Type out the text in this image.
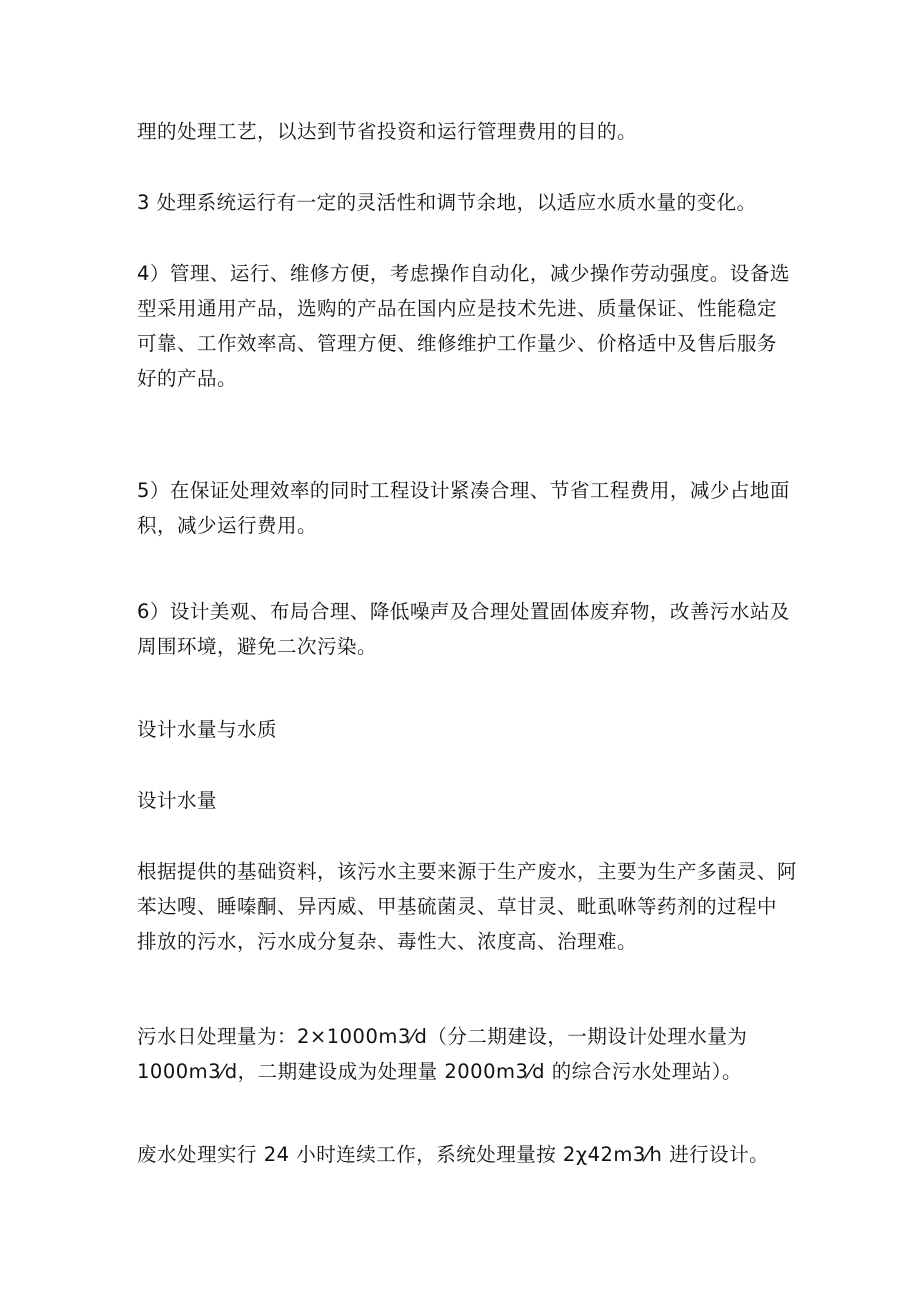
理的处理工艺，以达到节省投资和运行管理费用的目的。

3 处理系统运行有一定的灵活性和调节余地，以适应水质水量的变化。

4）管理、运行、维修方便，考虑操作自动化，减少操作劳动强度。设备选
型采用通用产品，选购的产品在国内应是技术先进、质量保证、性能稳定
可靠、工作效率高、管理方便、维修维护工作量少、价格适中及售后服务
好的产品。

5）在保证处理效率的同时工程设计紧凑合理、节省工程费用，减少占地面
积，减少运行费用。

6）设计美观、布局合理、降低噪声及合理处置固体废弃物，改善污水站及
周围环境，避免二次污染。

设计水量与水质

设计水量

根据提供的基础资料，该污水主要来源于生产废水，主要为生产多菌灵、阿
苯达嗖、睡嗪酮、异丙威、甲基硫菌灵、草甘灵、毗虱咻等药剂的过程中
排放的污水，污水成分复杂、毒性大、浓度高、治理难。

污水日处理量为：2×1000m3⁄d（分二期建设，一期设计处理水量为
1000m3⁄d，二期建设成为处理量 2000m3⁄d 的综合污水处理站）。

废水处理实行 24 小时连续工作，系统处理量按 2χ42m3⁄h 进行设计。
